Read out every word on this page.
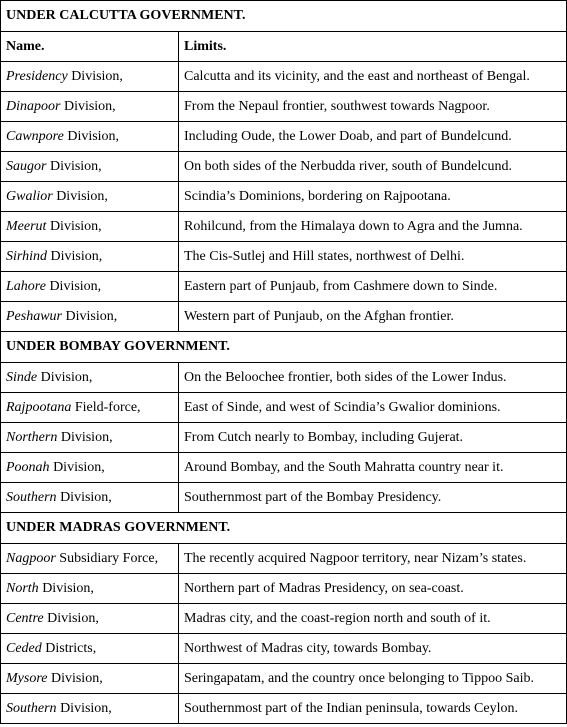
UNDER CALCUTTA GOVERNMENT.	
Name.	Limits.
Presidency Division,	Calcutta and its vicinity, and the east and northeast of Bengal.
Dinapoor Division,	From the Nepaul frontier, southwest towards Nagpoor.
Cawnpore Division,	Including Oude, the Lower Doab, and part of Bundelcund.
Saugor Division,	On both sides of the Nerbudda river, south of Bundelcund.
Gwalior Division,	Scindia’s Dominions, bordering on Rajpootana.
Meerut Division,	Rohilcund, from the Himalaya down to Agra and the Jumna.
Sirhind Division,	The Cis-Sutlej and Hill states, northwest of Delhi.
Lahore Division,	Eastern part of Punjaub, from Cashmere down to Sinde.
Peshawur Division,	Western part of Punjaub, on the Afghan frontier.
UNDER BOMBAY GOVERNMENT.	
Sinde Division,	On the Beloochee frontier, both sides of the Lower Indus.
Rajpootana Field-force,	East of Sinde, and west of Scindia’s Gwalior dominions.
Northern Division,	From Cutch nearly to Bombay, including Gujerat.
Poonah Division,	Around Bombay, and the South Mahratta country near it.
Southern Division,	Southernmost part of the Bombay Presidency.
UNDER MADRAS GOVERNMENT.	
Nagpoor Subsidiary Force,	The recently acquired Nagpoor territory, near Nizam’s states.
North Division,	Northern part of Madras Presidency, on sea-coast.
Centre Division,	Madras city, and the coast-region north and south of it.
Ceded Districts,	Northwest of Madras city, towards Bombay.
Mysore Division,	Seringapatam, and the country once belonging to Tippoo Saib.
Southern Division,	Southernmost part of the Indian peninsula, towards Ceylon.
